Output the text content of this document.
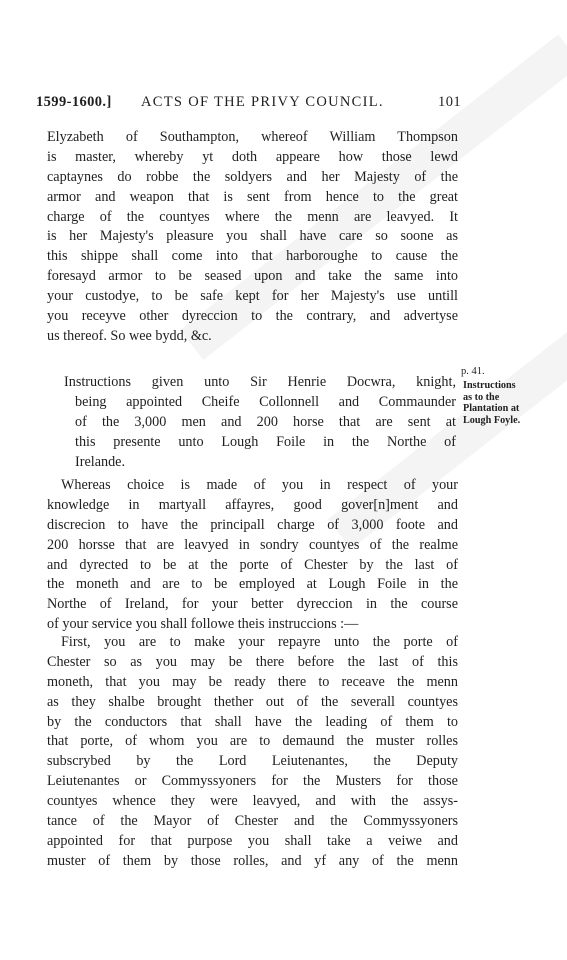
1599-1600.] ACTS OF THE PRIVY COUNCIL.	101
Elyzabeth of Southampton, whereof William Thompson
is master, whereby yt doth appeare how those lewd
captaynes do robbe the soldyers and her Majesty of the
armor and weapon that is sent from hence to the great
charge of the countyes where the menn are leavyed. It
is her Majesty's pleasure you shall have care so soone as
this shippe shall come into that harboroughe to cause the
foresayd armor to be seased upon and take the same into
your custodye, to be safe kept for her Majesty's use untill
you receyve other dyreccion to the contrary, and advertyse
us thereof. So wee bydd, &c.
Instructions given unto Sir Henrie Docwra, knight,
being appointed Cheife Collonnell and Commaunder
of the 3,000 men and 200 horse that are sent at
this presente unto Lough Foile in the Northe of
Irelande.
p. 41.
Instructions
as to the
Plantation at
Lough Foyle.
Whereas choice is made of you in respect of your
knowledge in martyall affayres, good gover[n]ment and
discrecion to have the principall charge of 3,000 foote and
200 horsse that are leavyed in sondry countyes of the realme
and dyrected to be at the porte of Chester by the last of
the moneth and are to be employed at Lough Foile in the
Northe of Ireland, for your better dyreccion in the course
of your service you shall followe theis instruccions :—
First, you are to make your repayre unto the porte of
Chester so as you may be there before the last of this
moneth, that you may be ready there to receave the menn
as they shalbe brought thether out of the severall countyes
by the conductors that shall have the leading of them to
that porte, of whom you are to demaund the muster rolles
subscrybed by the Lord Leiutenantes, the Deputy
Leiutenantes or Commyssyoners for the Musters for those
countyes whence they were leavyed, and with the assys-
tance of the Mayor of Chester and the Commyssyoners
appointed for that purpose you shall take a veiwe and
muster of them by those rolles, and yf any of the menn
